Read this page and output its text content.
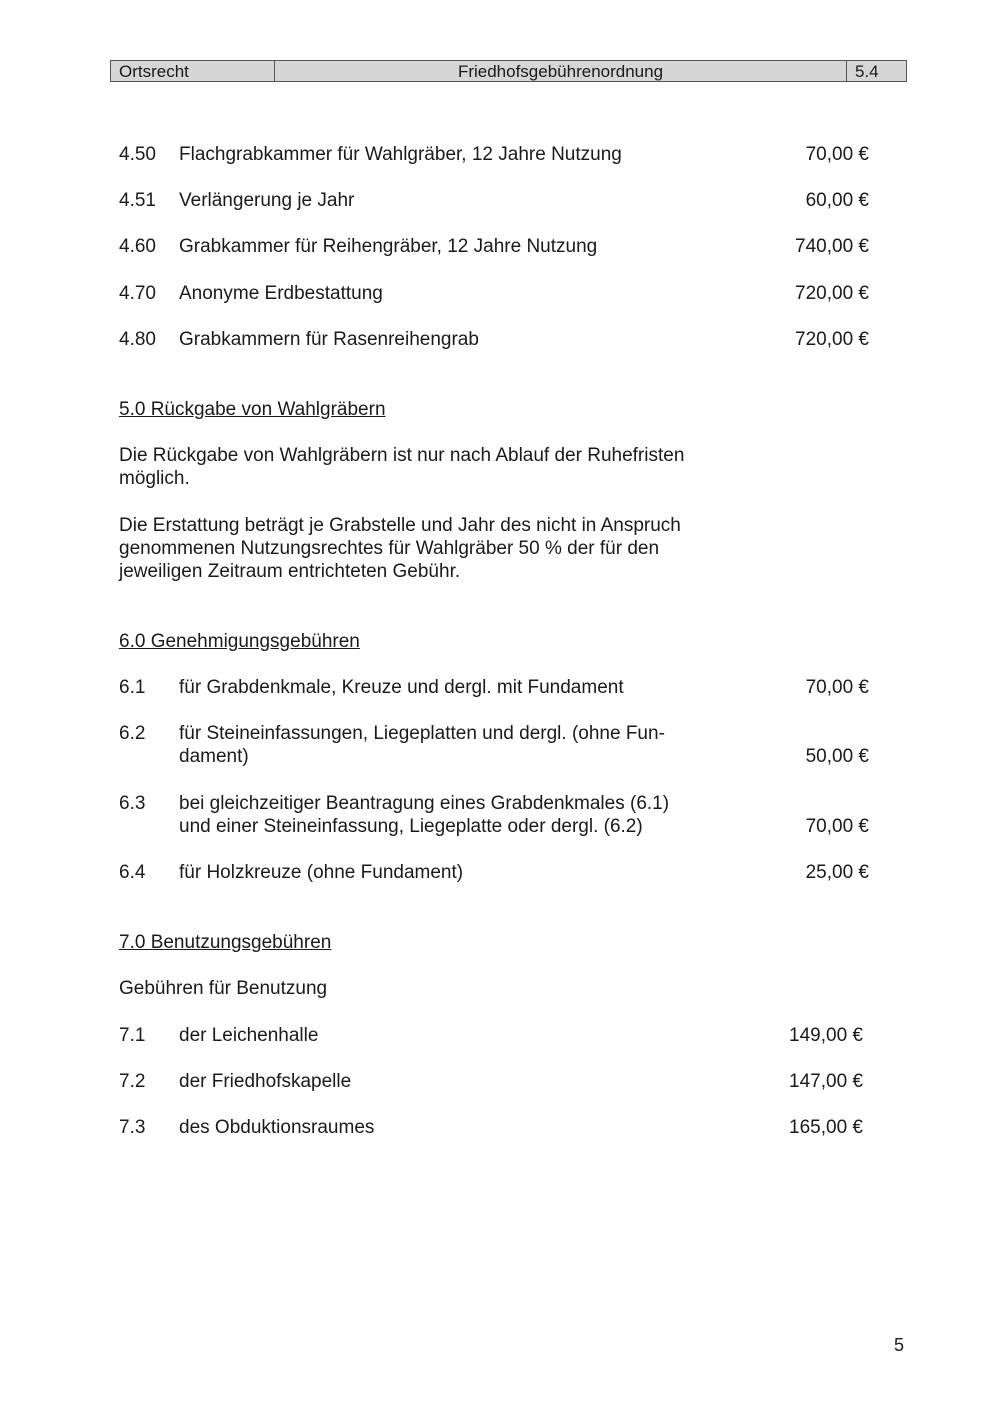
Ortsrecht	Friedhofsgebührenordnung	5.4
4.50 Flachgrabkammer für Wahlgräber, 12 Jahre Nutzung	70,00 €
4.51 Verlängerung je Jahr	60,00 €
4.60 Grabkammer für Reihengräber, 12 Jahre Nutzung	740,00 €
4.70 Anonyme Erdbestattung	720,00 €
4.80 Grabkammern für Rasenreihengrab	720,00 €
5.0 Rückgabe von Wahlgräbern
Die Rückgabe von Wahlgräbern ist nur nach Ablauf der Ruhefristen
möglich.
Die Erstattung beträgt je Grabstelle und Jahr des nicht in Anspruch
genommenen Nutzungsrechtes für Wahlgräber 50 % der für den
jeweiligen Zeitraum entrichteten Gebühr.
6.0 Genehmigungsgebühren
6.1 für Grabdenkmale, Kreuze und dergl. mit Fundament	70,00 €
6.2 für Steineinfassungen, Liegeplatten und dergl. (ohne Fun-
dament)	50,00 €
6.3 bei gleichzeitiger Beantragung eines Grabdenkmales (6.1)
und einer Steineinfassung, Liegeplatte oder dergl. (6.2)	70,00 €
6.4 für Holzkreuze (ohne Fundament)	25,00 €
7.0 Benutzungsgebühren
Gebühren für Benutzung
7.1 der Leichenhalle	149,00 €
7.2 der Friedhofskapelle	147,00 €
7.3 des Obduktionsraumes	165,00 €
5
